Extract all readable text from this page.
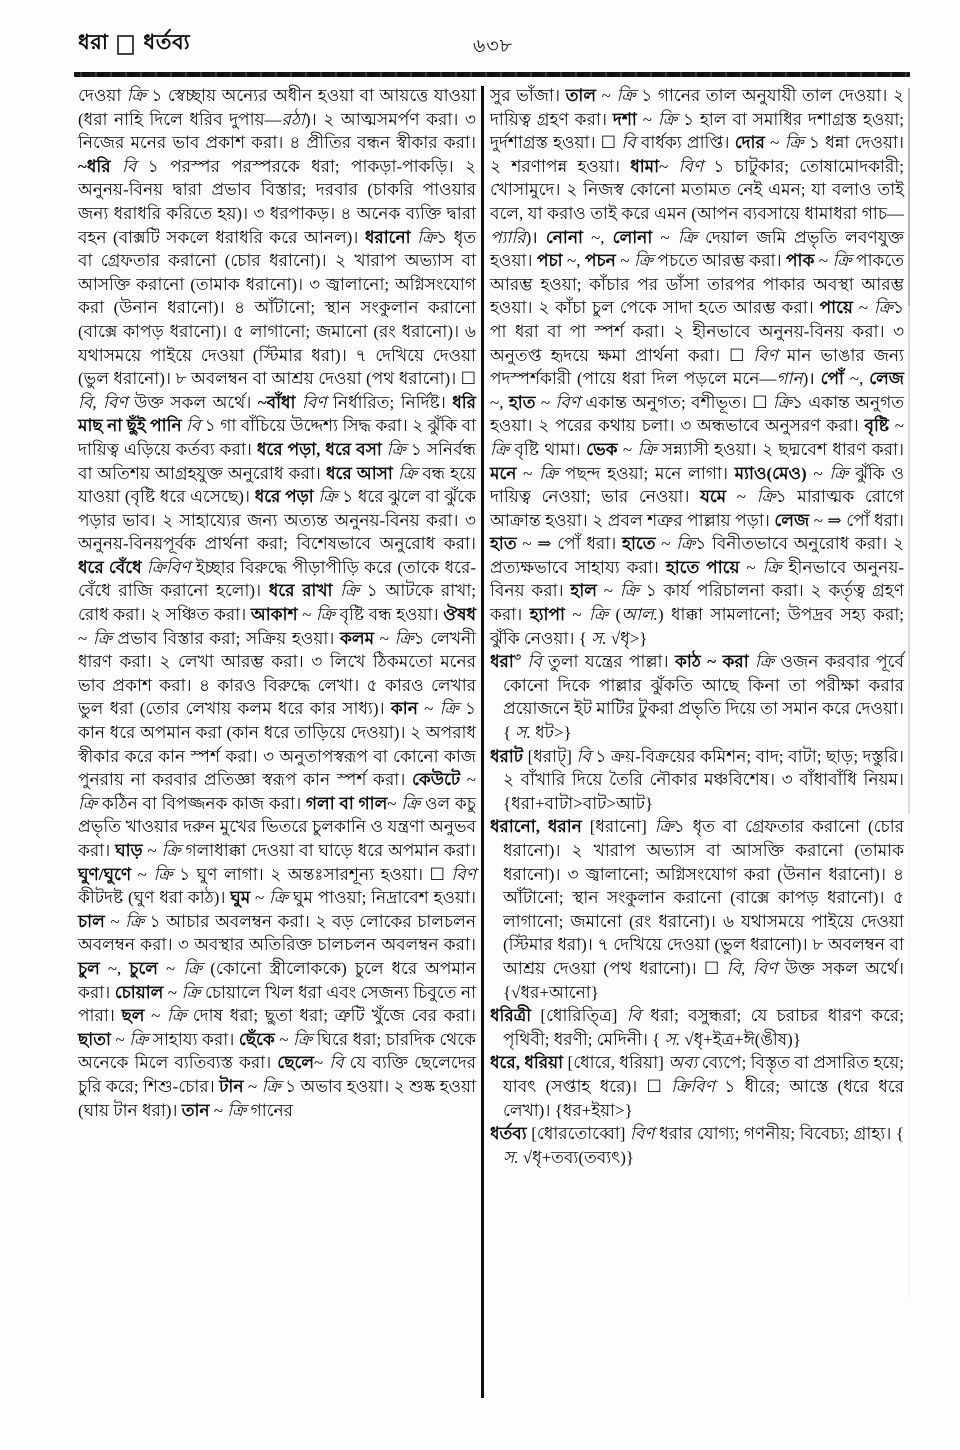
ধরা ধর্তব্য	৬৩৮

দেওয়া ক্রি ১ স্বেচ্ছায় অন্যের অধীন হওয়া বা আয়ত্তে যাওয়া (ধরা নাহি দিলে ধরিব দুপায়—রঠা)। ২ আত্মসমর্পণ করা। ৩ নিজের মনের ভাব প্রকাশ করা। ৪ প্রীতির বন্ধন স্বীকার করা। ~ধরি বি ১ পরস্পর পরস্পরকে ধরা; পাকড়া-পাকড়ি। ২ অনুনয়-বিনয় দ্বারা প্রভাব বিস্তার; দরবার (চাকরি পাওয়ার জন্য ধরাধরি করিতে হয়)। ৩ ধরপাকড়। ৪ অনেক ব্যক্তি দ্বারা বহন (বাক্সটি সকলে ধরাধরি করে আনল)। ধরানো ক্রি১ ধৃত বা গ্রেফতার করানো (চোর ধরানো)। ২ খারাপ অভ্যাস বা আসক্তি করানো (তামাক ধরানো)। ৩ জ্বালানো; অগ্নিসংযোগ করা (উনান ধরানো)। ৪ আঁটানো; স্থান সংকুলান করানো (বাক্সে কাপড় ধরানো)। ৫ লাগানো; জমানো (রং ধরানো)। ৬ যথাসময়ে পাইয়ে দেওয়া (স্টিমার ধরা)। ৭ দেখিয়ে দেওয়া (ভুল ধরানো)। ৮ অবলম্বন বা আশ্রয় দেওয়া (পথ ধরানো)। ☐ বি, বিণ উক্ত সকল অর্থে। ~বাঁধা বিণ নির্ধারিত; নির্দিষ্ট। ধরি মাছ না ছুঁই পানি বি ১ গা বাঁচিয়ে উদ্দেশ্য সিদ্ধ করা। ২ ঝুঁকি বা দায়িত্ব এড়িয়ে কর্তব্য করা। ধরে পড়া, ধরে বসা ক্রি ১ সনির্বন্ধ বা অতিশয় আগ্রহযুক্ত অনুরোধ করা। ধরে আসা ক্রি বন্ধ হয়ে যাওয়া (বৃষ্টি ধরে এসেছে)। ধরে পড়া ক্রি ১ ধরে ঝুলে বা ঝুঁকে পড়ার ভাব। ২ সাহায্যের জন্য অত্যন্ত অনুনয়-বিনয় করা। ৩ অনুনয়-বিনয়পূর্বক প্রার্থনা করা; বিশেষভাবে অনুরোধ করা। ধরে বেঁধে ক্রিবিণ ইচ্ছার বিরুদ্ধে পীড়াপীড়ি করে (তাকে ধরে-বেঁধে রাজি করানো হলো)। ধরে রাখা ক্রি ১ আটকে রাখা; রোধ করা। ২ সঞ্চিত করা। আকাশ ~ ক্রি বৃষ্টি বন্ধ হওয়া। ঔষধ ~ ক্রি প্রভাব বিস্তার করা; সক্রিয় হওয়া। কলম ~ ক্রি১ লেখনী ধারণ করা। ২ লেখা আরম্ভ করা। ৩ লিখে ঠিকমতো মনের ভাব প্রকাশ করা। ৪ কারও বিরুদ্ধে লেখা। ৫ কারও লেখার ভুল ধরা (তোর লেখায় কলম ধরে কার সাধ্য)। কান ~ ক্রি ১ কান ধরে অপমান করা (কান ধরে তাড়িয়ে দেওয়া)। ২ অপরাধ স্বীকার করে কান স্পর্শ করা। ৩ অনুতাপস্বরূপ বা কোনো কাজ পুনরায় না করবার প্রতিজ্ঞা স্বরূপ কান স্পর্শ করা। কেউটে ~ ক্রি কঠিন বা বিপজ্জনক কাজ করা। গলা বা গাল~ ক্রি ওল কচু প্রভৃতি খাওয়ার দরুন মুখের ভিতরে চুলকানি ও যন্ত্রণা অনুভব করা। ঘাড় ~ ক্রি গলাধাক্কা দেওয়া বা ঘাড়ে ধরে অপমান করা। ঘুণ/ঘুণে ~ ক্রি ১ ঘুণ লাগা। ২ অন্তঃসারশূন্য হওয়া। ☐ বিণ কীটদষ্ট (ঘুণ ধরা কাঠ)। ঘুম ~ ক্রি ঘুম পাওয়া; নিদ্রাবেশ হওয়া। চাল ~ ক্রি ১ আচার অবলম্বন করা। ২ বড় লোকের চালচলন অবলম্বন করা। ৩ অবস্থার অতিরিক্ত চালচলন অবলম্বন করা। চুল ~, চুলে ~ ক্রি (কোনো স্ত্রীলোককে) চুলে ধরে অপমান করা। চোয়াল ~ ক্রি চোয়ালে খিল ধরা এবং সেজন্য চিবুতে না পারা। ছল ~ ক্রি দোষ ধরা; ছুতা ধরা; ত্রুটি খুঁজে বের করা। ছাতা ~ ক্রি সাহায্য করা। ছেঁকে ~ ক্রি ঘিরে ধরা; চারদিক থেকে অনেকে মিলে ব্যতিব্যস্ত করা। ছেলে~ বি যে ব্যক্তি ছেলেদের চুরি করে; শিশু-চোর। টান ~ ক্রি ১ অভাব হওয়া। ২ শুষ্ক হওয়া (ঘায় টান ধরা)। তান ~ ক্রি গানের

সুর ভাঁজা। তাল ~ ক্রি ১ গানের তাল অনুযায়ী তাল দেওয়া। ২ দায়িত্ব গ্রহণ করা। দশা ~ ক্রি ১ হাল বা সমাধির দশাগ্রস্ত হওয়া; দুর্দশাগ্রস্ত হওয়া। ☐ বি বার্ধক্য প্রাপ্তি। দোর ~ ক্রি ১ ধন্না দেওয়া। ২ শরণাপন্ন হওয়া। ধামা~ বিণ ১ চাটুকার; তোষামোদকারী; খোসামুদে। ২ নিজস্ব কোনো মতামত নেই এমন; যা বলাও তাই বলে, যা করাও তাই করে এমন (আপন ব্যবসায়ে ধামাধরা গাচ—প্যারি)। নোনা ~, লোনা ~ ক্রি দেয়াল জমি প্রভৃতি লবণযুক্ত হওয়া। পচা ~, পচন ~ ক্রি পচতে আরম্ভ করা। পাক ~ ক্রি পাকতে আরম্ভ হওয়া; কাঁচার পর ডাঁসা তারপর পাকার অবস্থা আরম্ভ হওয়া। ২ কাঁচা চুল পেকে সাদা হতে আরম্ভ করা। পায়ে ~ ক্রি১ পা ধরা বা পা স্পর্শ করা। ২ হীনভাবে অনুনয়-বিনয় করা। ৩ অনুতপ্ত হৃদয়ে ক্ষমা প্রার্থনা করা। ☐ বিণ মান ভাঙার জন্য পদস্পর্শকারী (পায়ে ধরা দিল পড়লে মনে—গান)। পোঁ ~, লেজ ~, হাত ~ বিণ একান্ত অনুগত; বশীভূত। ☐ ক্রি১ একান্ত অনুগত হওয়া। ২ পরের কথায় চলা। ৩ অন্ধভাবে অনুসরণ করা। বৃষ্টি ~ ক্রি বৃষ্টি থামা। ভেক ~ ক্রি সন্ন্যাসী হওয়া। ২ ছদ্মবেশ ধারণ করা। মনে ~ ক্রি পছন্দ হওয়া; মনে লাগা। ম্যাও(মেও) ~ ক্রি ঝুঁকি ও দায়িত্ব নেওয়া; ভার নেওয়া। যমে ~ ক্রি১ মারাত্মক রোগে আক্রান্ত হওয়া। ২ প্রবল শত্রুর পাল্লায় পড়া। লেজ ~ ⇒ পোঁ ধরা। হাত ~ ⇒ পোঁ ধরা। হাতে ~ ক্রি১ বিনীতভাবে অনুরোধ করা। ২ প্রত্যক্ষভাবে সাহায্য করা। হাতে পায়ে ~ ক্রি হীনভাবে অনুনয়-বিনয় করা। হাল ~ ক্রি ১ কার্য পরিচালনা করা। ২ কর্তৃত্ব গ্রহণ করা। হ্যাপা ~ ক্রি (আল.) ধাক্কা সামলানো; উপদ্রব সহ্য করা; ঝুঁকি নেওয়া। { স. √ধৃ>}

ধরা$^৩$ বি তুলা যন্ত্রের পাল্লা। কাঠ ~ করা ক্রি ওজন করবার পূর্বে কোনো দিকে পাল্লার ঝুঁকতি আছে কিনা তা পরীক্ষা করার প্রয়োজনে ইট মাটির টুকরা প্রভৃতি দিয়ে তা সমান করে দেওয়া। { স. ধট>}

ধরাট [ধরাট্] বি ১ ক্রয়-বিক্রয়ের কমিশন; বাদ; বাটা; ছাড়; দস্তুরি। ২ বাঁখারি দিয়ে তৈরি নৌকার মঞ্চবিশেষ। ৩ বাঁধাবাঁধি নিয়ম। {ধরা+বাটা>বাট>আট}

ধরানো, ধরান [ধরানো] ক্রি১ ধৃত বা গ্রেফতার করানো (চোর ধরানো)। ২ খারাপ অভ্যাস বা আসক্তি করানো (তামাক ধরানো)। ৩ জ্বালানো; অগ্নিসংযোগ করা (উনান ধরানো)। ৪ আঁটানো; স্থান সংকুলান করানো (বাক্সে কাপড় ধরানো)। ৫ লাগানো; জমানো (রং ধরানো)। ৬ যথাসময়ে পাইয়ে দেওয়া (স্টিমার ধরা)। ৭ দেখিয়ে দেওয়া (ভুল ধরানো)। ৮ অবলম্বন বা আশ্রয় দেওয়া (পথ ধরানো)। ☐ বি, বিণ উক্ত সকল অর্থে। {√ধর+আনো}

ধরিত্রী [ধোরিত্ত্রি] বি ধরা; বসুন্ধরা; যে চরাচর ধারণ করে; পৃথিবী; ধরণী; মেদিনী। { স. √ধৃ+ইত্র+ঈ(ঙীষ)}

ধরে, ধরিয়া [ধোরে, ধরিয়া] অব্য ব্যেপে; বিস্তৃত বা প্রসারিত হয়ে; যাবৎ (সপ্তাহ ধরে)। ☐ ক্রিবিণ ১ ধীরে; আস্তে (ধরে ধরে লেখা)। {ধর+ইয়া>}

ধর্তব্য [ধোরতোব্বো] বিণ ধরার যোগ্য; গণনীয়; বিবেচ্য; গ্রাহ্য। { স. √ধৃ+তব্য(তব্যৎ)}
